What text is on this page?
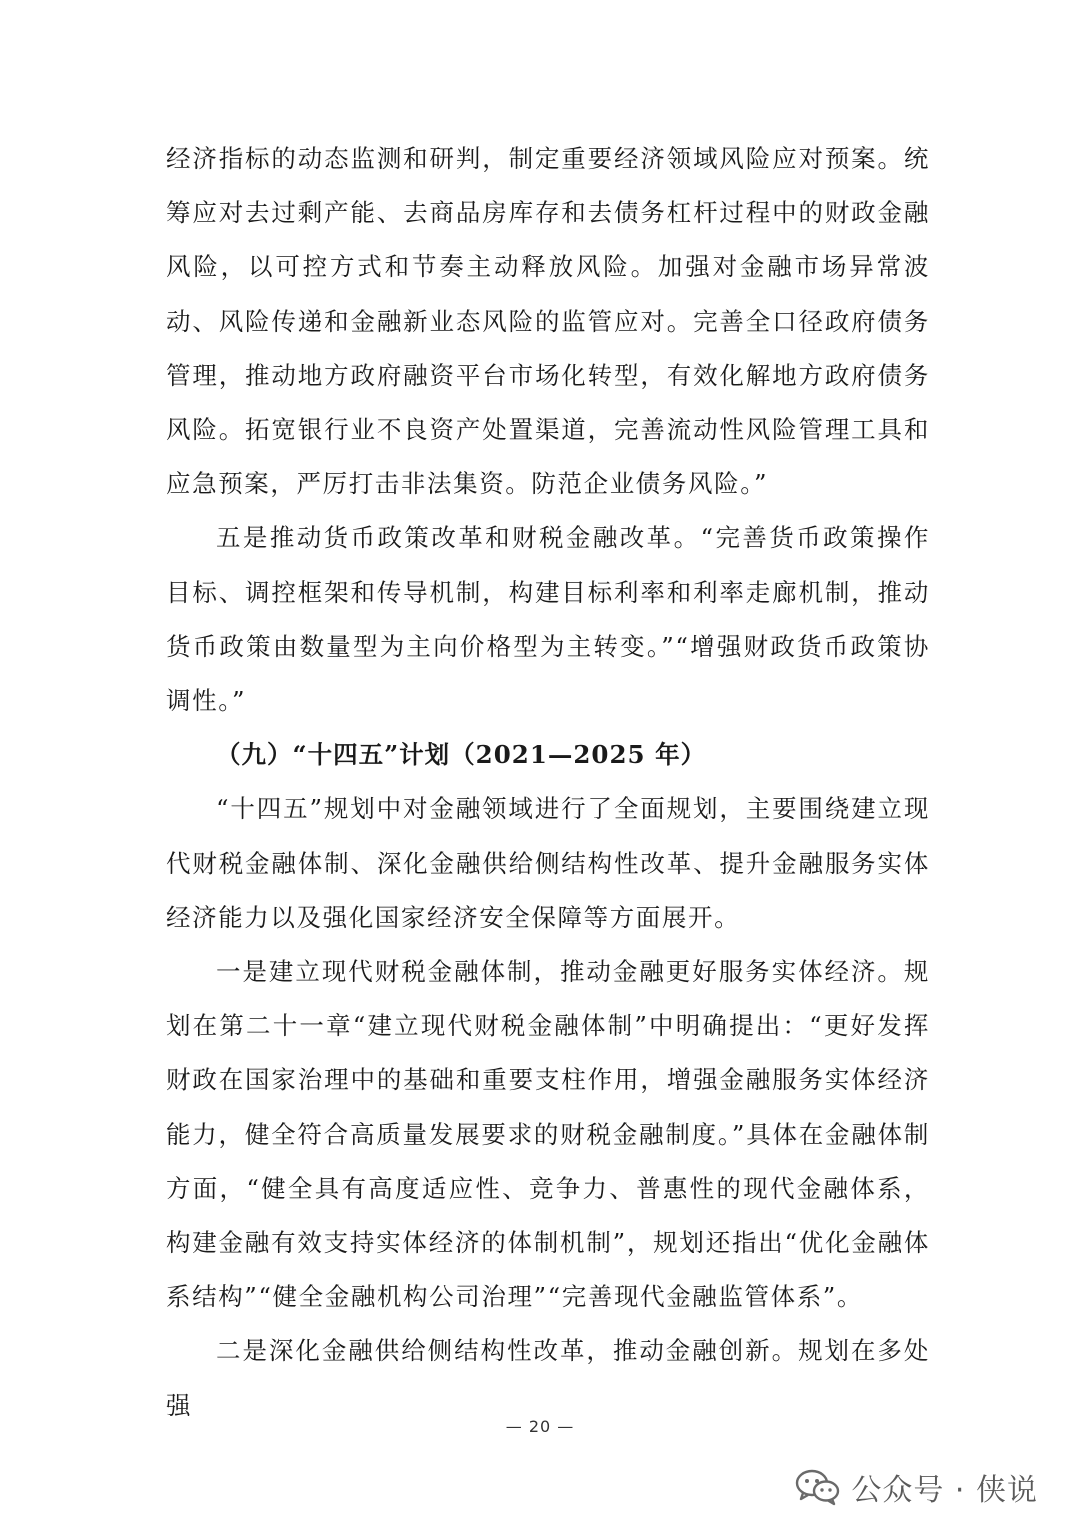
经济指标的动态监测和研判，制定重要经济领域风险应对预案。统筹应对去过剩产能、去商品房库存和去债务杠杆过程中的财政金融风险，以可控方式和节奏主动释放风险。加强对金融市场异常波动、风险传递和金融新业态风险的监管应对。完善全口径政府债务管理，推动地方政府融资平台市场化转型，有效化解地方政府债务风险。拓宽银行业不良资产处置渠道，完善流动性风险管理工具和应急预案，严厉打击非法集资。防范企业债务风险。”

五是推动货币政策改革和财税金融改革。“完善货币政策操作目标、调控框架和传导机制，构建目标利率和利率走廊机制，推动货币政策由数量型为主向价格型为主转变。”“增强财政货币政策协调性。”

（九）“十四五”计划（2021—2025 年）

“十四五”规划中对金融领域进行了全面规划，主要围绕建立现代财税金融体制、深化金融供给侧结构性改革、提升金融服务实体经济能力以及强化国家经济安全保障等方面展开。

一是建立现代财税金融体制，推动金融更好服务实体经济。规划在第二十一章“建立现代财税金融体制”中明确提出：“更好发挥财政在国家治理中的基础和重要支柱作用，增强金融服务实体经济能力，健全符合高质量发展要求的财税金融制度。”具体在金融体制方面，“健全具有高度适应性、竞争力、普惠性的现代金融体系，构建金融有效支持实体经济的体制机制”，规划还指出“优化金融体系结构”“健全金融机构公司治理”“完善现代金融监管体系”。

二是深化金融供给侧结构性改革，推动金融创新。规划在多处强

— 20 —
公众号 · 侠说
